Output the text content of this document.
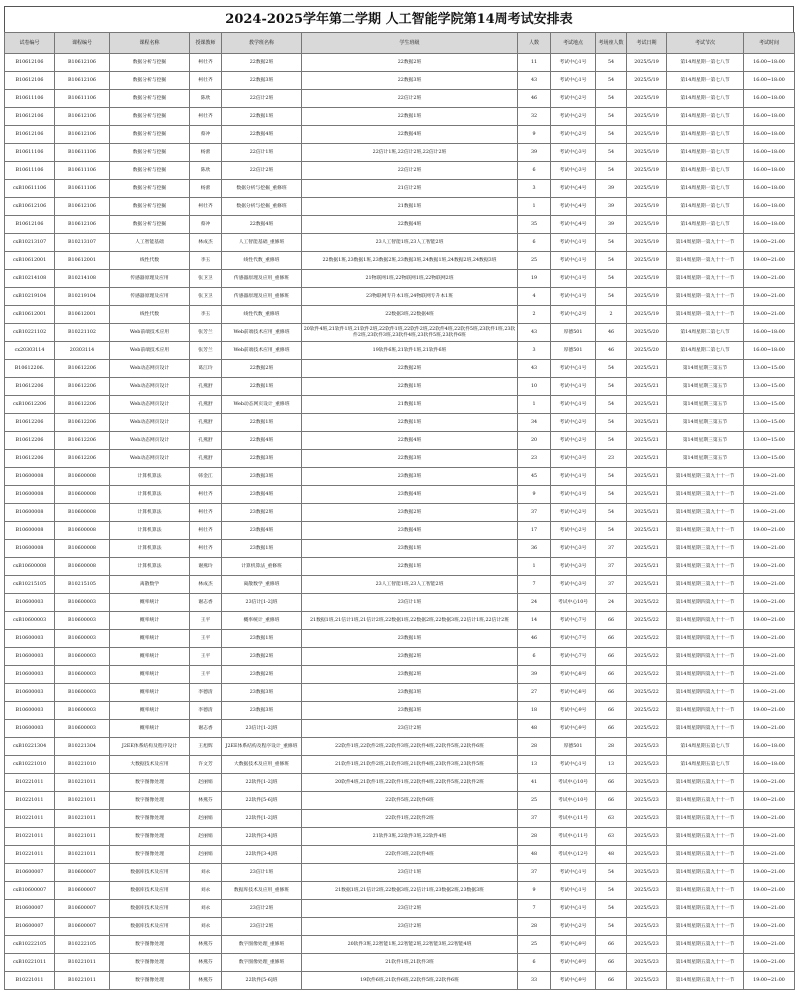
2024-2025学年第二学期 人工智能学院第14周考试安排表
试卷编号	课程编号	课程名称	授课教师	教学班名称	学生班级	人数	考试地点	考场座人数	考试日期	考试节次	考试时间
B10612106	B10612106	数据分析与挖掘	柯壮齐	22数据2班	22数据2班	11	考试中心1号	54	2025/5/19	第14周星期一第七八节	16:00~18:00
B10612106	B10612106	数据分析与挖掘	柯壮齐	22数据3班	22数据3班	43	考试中心1号	54	2025/5/19	第14周星期一第七八节	16:00~18:00
B10611106	B10611106	数据分析与挖掘	陈欣	22信计2班	22信计2班	46	考试中心2号	54	2025/5/19	第14周星期一第七八节	16:00~18:00
B10612106	B10612106	数据分析与挖掘	柯壮齐	22数据1班	22数据1班	32	考试中心2号	54	2025/5/19	第14周星期一第七八节	16:00~18:00
B10612106	B10612106	数据分析与挖掘	蔡冲	22数据4班	22数据4班	9	考试中心2号	54	2025/5/19	第14周星期一第七八节	16:00~18:00
B10611106	B10611106	数据分析与挖掘	杨蕾	22信计1班	22信计1班,22信计2班,22信计2班	39	考试中心3号	54	2025/5/19	第14周星期一第七八节	16:00~18:00
B10611106	B10611106	数据分析与挖掘	陈欣	22信计2班	22信计2班	6	考试中心3号	54	2025/5/19	第14周星期一第七八节	16:00~18:00
cxB10611106	B10611106	数据分析与挖掘	杨蕾	数据分析与挖掘_重修班	21信计2班	3	考试中心4号	39	2025/5/19	第14周星期一第七八节	16:00~18:00
cxB10612106	B10612106	数据分析与挖掘	柯壮齐	数据分析与挖掘_重修班	21数据1班	1	考试中心4号	39	2025/5/19	第14周星期一第七八节	16:00~18:00
B10612106	B10612106	数据分析与挖掘	蔡冲	22数据4班	22数据4班	35	考试中心4号	39	2025/5/19	第14周星期一第七八节	16:00~18:00
cxB10213107	B10213107	人工智能基础	林成杰	人工智能基础_重修班	23人工智能1班,23人工智能2班	6	考试中心1号	54	2025/5/19	第14周星期一第九十十一节	19:00~21:00
cxB10612001	B10612001	线性代数	李玉	线性代数_重修班	22数据1班,23数据1班,23数据2班,23数据3班,24数据1班,24数据2班,24数据3班	25	考试中心1号	54	2025/5/19	第14周星期一第九十十一节	19:00~21:00
cxB10214108	B10214108	传感器原理及应用	张卫卫	传感器原理及应用_重修班	21物联网1班,22物联网1班,22物联网2班	19	考试中心1号	54	2025/5/19	第14周星期一第九十十一节	19:00~21:00
cxB10219104	B10219104	传感器原理及应用	张卫卫	传感器原理及应用_重修班	23物联网专升本1班,24物联网专升本1班	4	考试中心1号	54	2025/5/19	第14周星期一第九十十一节	19:00~21:00
cxB10612001	B10612001	线性代数	李玉	线性代数_重修班	22数据3班,22数据4班	2	考试中心2号	2	2025/5/19	第14周星期一第九十十一节	19:00~21:00
cxB10221102	B10221102	Web前端技术应用	张芳兰	Web前端技术应用_重修班	20软件4班,21软件1班,21软件2班,22软件1班,22软件2班,22软件4班,22软件5班,23软件1班,23软件2班,23软件3班,23软件4班,23软件5班,23软件6班	43	厚德501	46	2025/5/20	第14周星期二第七八节	16:00~18:00
cx20303114	20303114	Web前端技术应用	张芳兰	Web前端技术应用_重修班	19软件6班,21软件1班,21软件6班	3	厚德501	46	2025/5/20	第14周星期二第七八节	16:00~18:00
B10612206.	B10612206	Web动态网页设计	葛江玲	22数据2班	22数据2班	43	考试中心1号	54	2025/5/21	第14周星期三第五节	13:00~15:00
B10612206	B10612206	Web动态网页设计	孔燕舒	22数据1班	22数据1班	10	考试中心1号	54	2025/5/21	第14周星期三第五节	13:00~15:00
cxB10612206	B10612206	Web动态网页设计	孔燕舒	Web动态网页设计_重修班	21数据1班	1	考试中心1号	54	2025/5/21	第14周星期三第五节	13:00~15:00
B10612206	B10612206	Web动态网页设计	孔燕舒	22数据1班	22数据1班	34	考试中心2号	54	2025/5/21	第14周星期三第五节	13:00~15:00
B10612206	B10612206	Web动态网页设计	孔燕舒	22数据4班	22数据4班	20	考试中心2号	54	2025/5/21	第14周星期三第五节	13:00~15:00
B10612206	B10612206	Web动态网页设计	孔燕舒	22数据3班	22数据3班	23	考试中心3号	23	2025/5/21	第14周星期三第五节	13:00~15:00
B10600008	B10600008	计算机算法	韩金江	23数据3班	23数据3班	45	考试中心1号	54	2025/5/21	第14周星期三第九十十一节	19:00~21:00
B10600008	B10600008	计算机算法	柯壮齐	23数据4班	23数据4班	9	考试中心1号	54	2025/5/21	第14周星期三第九十十一节	19:00~21:00
B10600008	B10600008	计算机算法	柯壮齐	23数据2班	23数据2班	37	考试中心2号	54	2025/5/21	第14周星期三第九十十一节	19:00~21:00
B10600008	B10600008	计算机算法	柯壮齐	23数据4班	23数据4班	17	考试中心2号	54	2025/5/21	第14周星期三第九十十一节	19:00~21:00
B10600008	B10600008	计算机算法	柯壮齐	23数据1班	23数据1班	36	考试中心3号	37	2025/5/21	第14周星期三第九十十一节	19:00~21:00
cxB10600008	B10600008	计算机算法	谢燕玲	计算机算法_重修班	22数据1班	1	考试中心3号	37	2025/5/21	第14周星期三第九十十一节	19:00~21:00
cxB10215105	B10215105	离散数学	林成杰	离散数学_重修班	23人工智能1班,23人工智能2班	7	考试中心3号	37	2025/5/21	第14周星期三第九十十一节	19:00~21:00
B10600003	B10600003	概率统计	谢志香	23信计[1-2]班	23信计1班	24	考试中心10号	24	2025/5/22	第14周星期四第九十十一节	19:00~21:00
cxB10600003	B10600003	概率统计	王平	概率统计_重修班	21数据1班,21信计1班,21信计2班,22数据1班,22数据2班,22数据3班,22信计1班,22信计2班	14	考试中心7号	66	2025/5/22	第14周星期四第九十十一节	19:00~21:00
B10600003	B10600003	概率统计	王平	23数据1班	23数据1班	46	考试中心7号	66	2025/5/22	第14周星期四第九十十一节	19:00~21:00
B10600003	B10600003	概率统计	王平	23数据2班	23数据2班	6	考试中心7号	66	2025/5/22	第14周星期四第九十十一节	19:00~21:00
B10600003	B10600003	概率统计	王平	23数据2班	23数据2班	39	考试中心8号	66	2025/5/22	第14周星期四第九十十一节	19:00~21:00
B10600003	B10600003	概率统计	李德清	23数据3班	23数据3班	27	考试中心8号	66	2025/5/22	第14周星期四第九十十一节	19:00~21:00
B10600003	B10600003	概率统计	李德清	23数据3班	23数据3班	18	考试中心9号	66	2025/5/22	第14周星期四第九十十一节	19:00~21:00
B10600003	B10600003	概率统计	谢志香	23信计[1-2]班	23信计2班	48	考试中心9号	66	2025/5/22	第14周星期四第九十十一节	19:00~21:00
cxB10221304	B10221304	J2EE体系结构及程序设计	王旭辉	J2EE体系结构及程序设计_重修班	22软件1班,22软件2班,22软件3班,22软件4班,22软件5班,22软件6班	28	厚德501	28	2025/5/23	第14周星期五第七八节	16:00~18:00
cxB10221010	B10221010	大数据技术及应用	许文芳	大数据技术及应用_重修班	21软件1班,21软件2班,21软件3班,21软件4班,23软件3班,23软件5班	13	考试中心1号	13	2025/5/23	第14周星期五第七八节	16:00~18:00
B10221011	B10221011	数字图像处理	赵丽娟	22软件[1-2]班	20软件4班,21软件1班,22软件1班,22软件4班,22软件5班,22软件2班	41	考试中心10号	66	2025/5/23	第14周星期五第九十十一节	19:00~21:00
B10221011	B10221011	数字图像处理	林燕芬	22软件[5-6]班	22软件5班,22软件6班	25	考试中心10号	66	2025/5/23	第14周星期五第九十十一节	19:00~21:00
B10221011	B10221011	数字图像处理	赵丽娟	22软件[1-2]班	22软件1班,22软件2班	37	考试中心11号	63	2025/5/23	第14周星期五第九十十一节	19:00~21:00
B10221011	B10221011	数字图像处理	赵丽娟	22软件[3-4]班	21软件3班,22软件3班,22软件4班	28	考试中心11号	63	2025/5/23	第14周星期五第九十十一节	19:00~21:00
B10221011	B10221011	数字图像处理	赵丽娟	22软件[3-4]班	22软件3班,22软件4班	48	考试中心12号	48	2025/5/23	第14周星期五第九十十一节	19:00~21:00
B10600007	B10600007	数据库技术及应用	刘永	23信计1班	23信计1班	37	考试中心1号	54	2025/5/23	第14周星期五第九十十一节	19:00~21:00
cxB10600007	B10600007	数据库技术及应用	刘永	数据库技术及应用_重修班	21数据1班,21信计2班,22数据3班,22信计1班,23数据2班,23数据3班	9	考试中心1号	54	2025/5/23	第14周星期五第九十十一节	19:00~21:00
B10600007	B10600007	数据库技术及应用	刘永	23信计2班	23信计2班	7	考试中心1号	54	2025/5/23	第14周星期五第九十十一节	19:00~21:00
B10600007	B10600007	数据库技术及应用	刘永	23信计2班	23信计2班	28	考试中心2号	54	2025/5/23	第14周星期五第九十十一节	19:00~21:00
cxB10222105	B10222105	数字图像处理	林燕芬	数字图像处理_重修班	20软件3班,22智能1班,22智能2班,22智能3班,22智能4班	25	考试中心9号	66	2025/5/23	第14周星期五第九十十一节	19:00~21:00
cxB10221011	B10221011	数字图像处理	林燕芬	数字图像处理_重修班	21软件1班,21软件3班	6	考试中心9号	66	2025/5/23	第14周星期五第九十十一节	19:00~21:00
B10221011	B10221011	数字图像处理	林燕芬	22软件[5-6]班	19软件6班,21软件6班,22软件5班,22软件6班	33	考试中心9号	66	2025/5/23	第14周星期五第九十十一节	19:00~21:00
